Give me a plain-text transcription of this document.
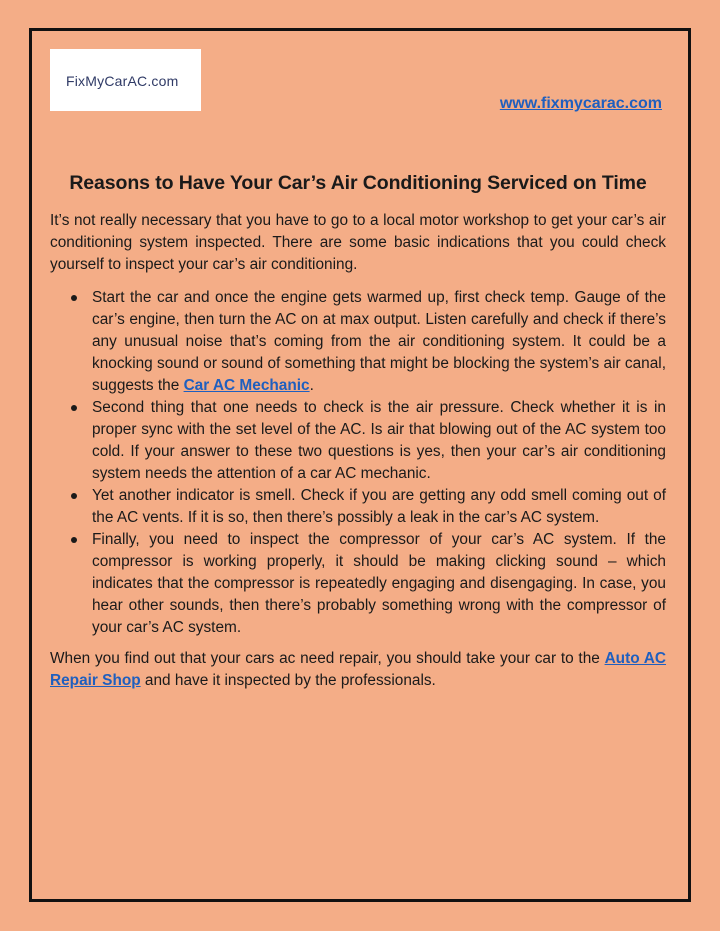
FixMyCarAC.com
www.fixmycarac.com
Reasons to Have Your Car’s Air Conditioning Serviced on Time

It’s not really necessary that you have to go to a local motor workshop to get your car’s air conditioning system inspected. There are some basic indications that you could check yourself to inspect your car’s air conditioning.

Start the car and once the engine gets warmed up, first check temp. Gauge of the car’s engine, then turn the AC on at max output. Listen carefully and check if there’s any unusual noise that’s coming from the air conditioning system. It could be a knocking sound or sound of something that might be blocking the system’s air canal, suggests the Car AC Mechanic.
Second thing that one needs to check is the air pressure. Check whether it is in proper sync with the set level of the AC. Is air that blowing out of the AC system too cold. If your answer to these two questions is yes, then your car’s air conditioning system needs the attention of a car AC mechanic.
Yet another indicator is smell. Check if you are getting any odd smell coming out of the AC vents. If it is so, then there’s possibly a leak in the car’s AC system.
Finally, you need to inspect the compressor of your car’s AC system. If the compressor is working properly, it should be making clicking sound – which indicates that the compressor is repeatedly engaging and disengaging. In case, you hear other sounds, then there’s probably something wrong with the compressor of your car’s AC system.

When you find out that your cars ac need repair, you should take your car to the Auto AC Repair Shop and have it inspected by the professionals.
